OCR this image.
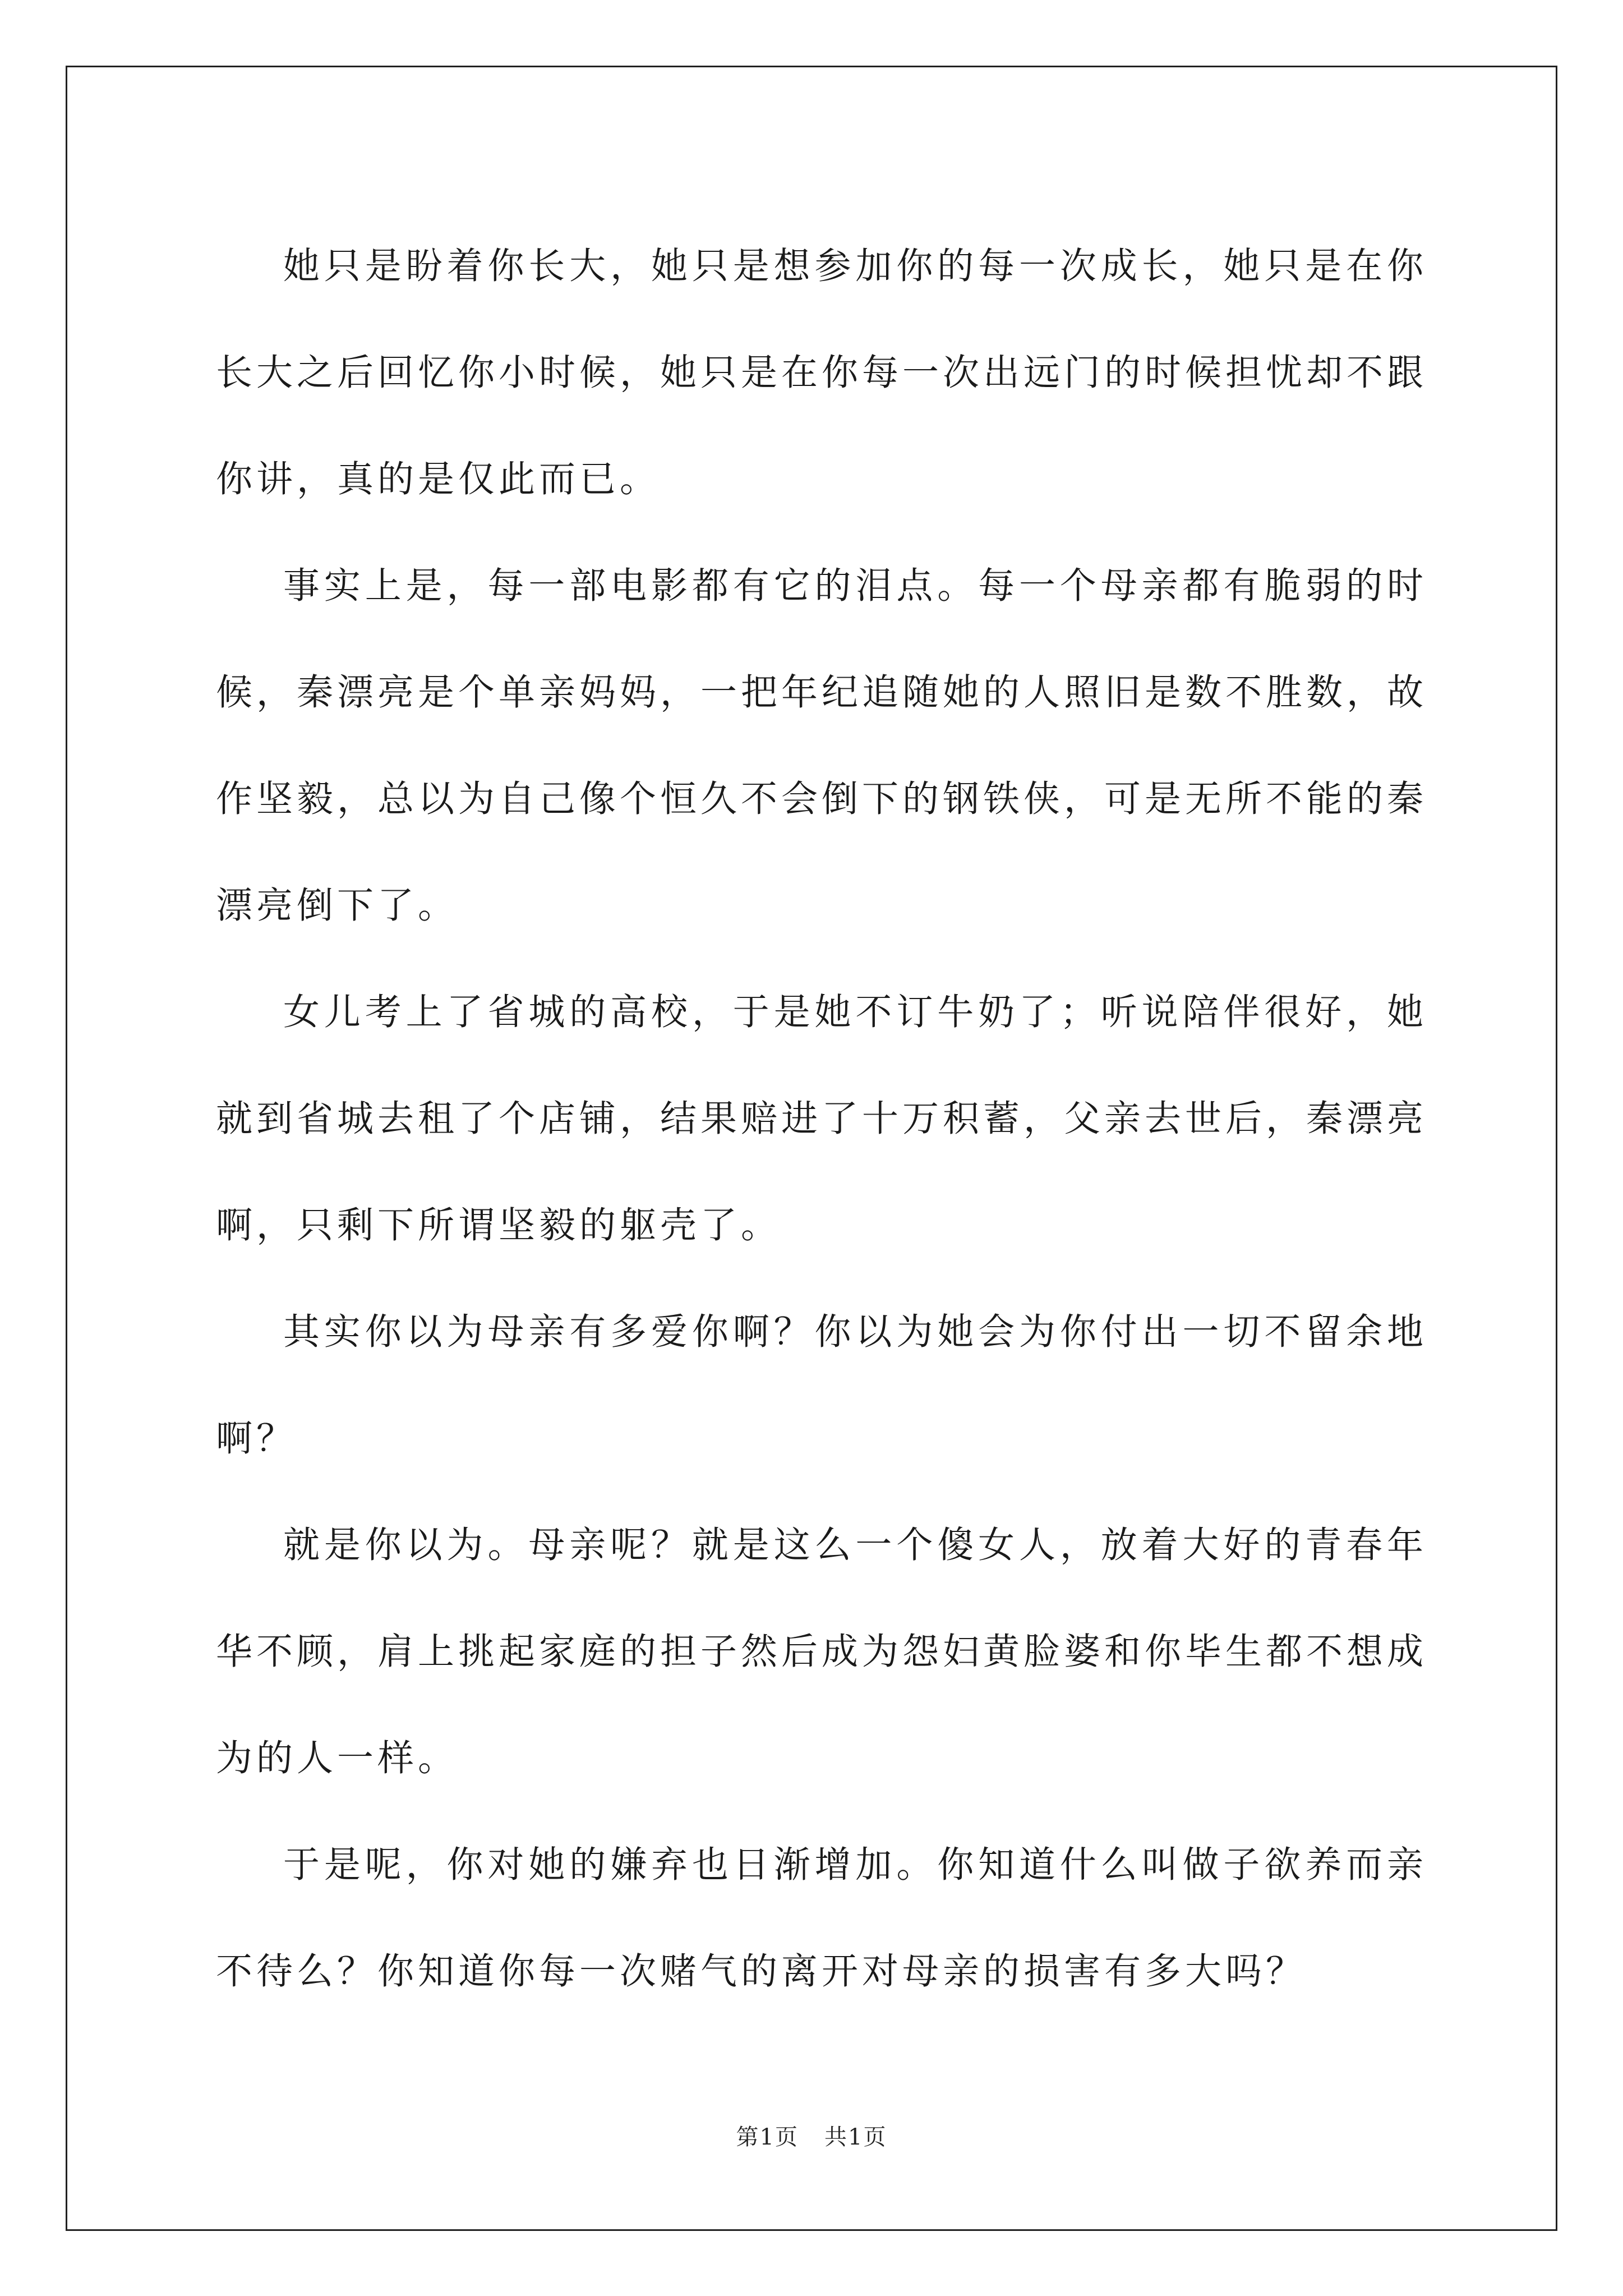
她只是盼着你长大，她只是想参加你的每一次成长，她只是在你长大之后回忆你小时候，她只是在你每一次出远门的时候担忧却不跟你讲，真的是仅此而已。

事实上是，每一部电影都有它的泪点。每一个母亲都有脆弱的时候，秦漂亮是个单亲妈妈，一把年纪追随她的人照旧是数不胜数，故作坚毅，总以为自己像个恒久不会倒下的钢铁侠，可是无所不能的秦漂亮倒下了。

女儿考上了省城的高校，于是她不订牛奶了；听说陪伴很好，她就到省城去租了个店铺，结果赔进了十万积蓄，父亲去世后，秦漂亮啊，只剩下所谓坚毅的躯壳了。

其实你以为母亲有多爱你啊？你以为她会为你付出一切不留余地啊？

就是你以为。母亲呢？就是这么一个傻女人，放着大好的青春年华不顾，肩上挑起家庭的担子然后成为怨妇黄脸婆和你毕生都不想成为的人一样。

于是呢，你对她的嫌弃也日渐增加。你知道什么叫做子欲养而亲不待么？你知道你每一次赌气的离开对母亲的损害有多大吗？

第1页 共1页
